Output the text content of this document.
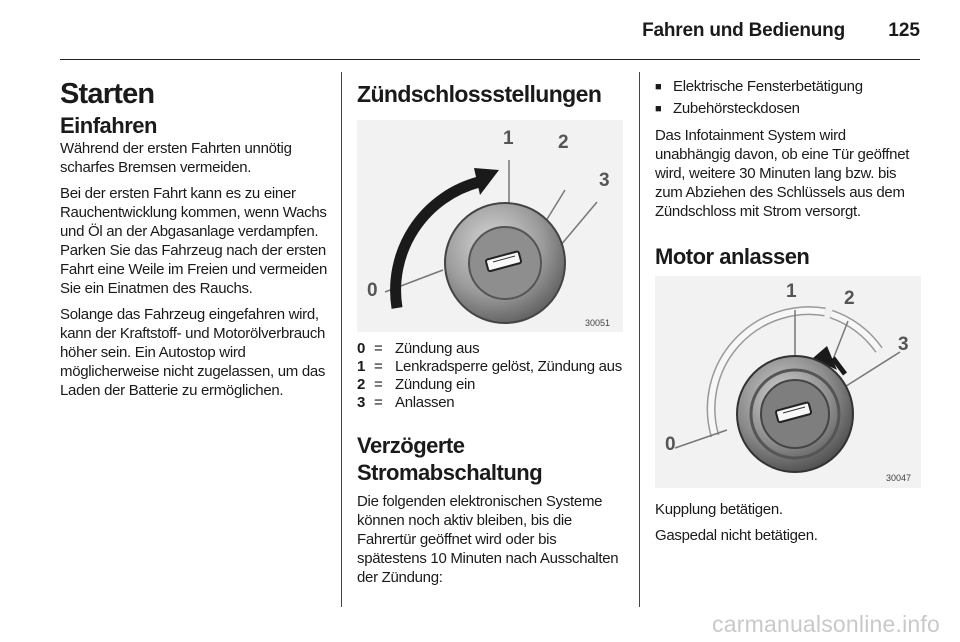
Fahren und Bedienung 125
Starten
Einfahren

Während der ersten Fahrten unnötig scharfes Bremsen vermeiden.

Bei der ersten Fahrt kann es zu einer Rauchentwicklung kommen, wenn Wachs und Öl an der Abgasanlage verdampfen. Parken Sie das Fahrzeug nach der ersten Fahrt eine Weile im Freien und vermeiden Sie ein Einatmen des Rauchs.

Solange das Fahrzeug eingefahren wird, kann der Kraftstoff- und Motorölverbrauch höher sein. Ein Autostop wird möglicherweise nicht zugelassen, um das Laden der Batterie zu ermöglichen.

Zündschlossstellungen
0
1 2
3
30051
0 = Zündung aus
1 = Lenkradsperre gelöst, Zündung aus
2 = Zündung ein
3 = Anlassen
Verzögerte Stromabschaltung

Die folgenden elektronischen Systeme können noch aktiv bleiben, bis die Fahrertür geöffnet wird oder bis spätestens 10 Minuten nach Ausschalten der Zündung:

■ Elektrische Fensterbetätigung
■ Zubehörsteckdosen

Das Infotainment System wird unabhängig davon, ob eine Tür geöffnet wird, weitere 30 Minuten lang bzw. bis zum Abziehen des Schlüssels aus dem Zündschloss mit Strom versorgt.

Motor anlassen
0
1 2
3
30047

Kupplung betätigen.

Gaspedal nicht betätigen.

carmanualsonline.info
